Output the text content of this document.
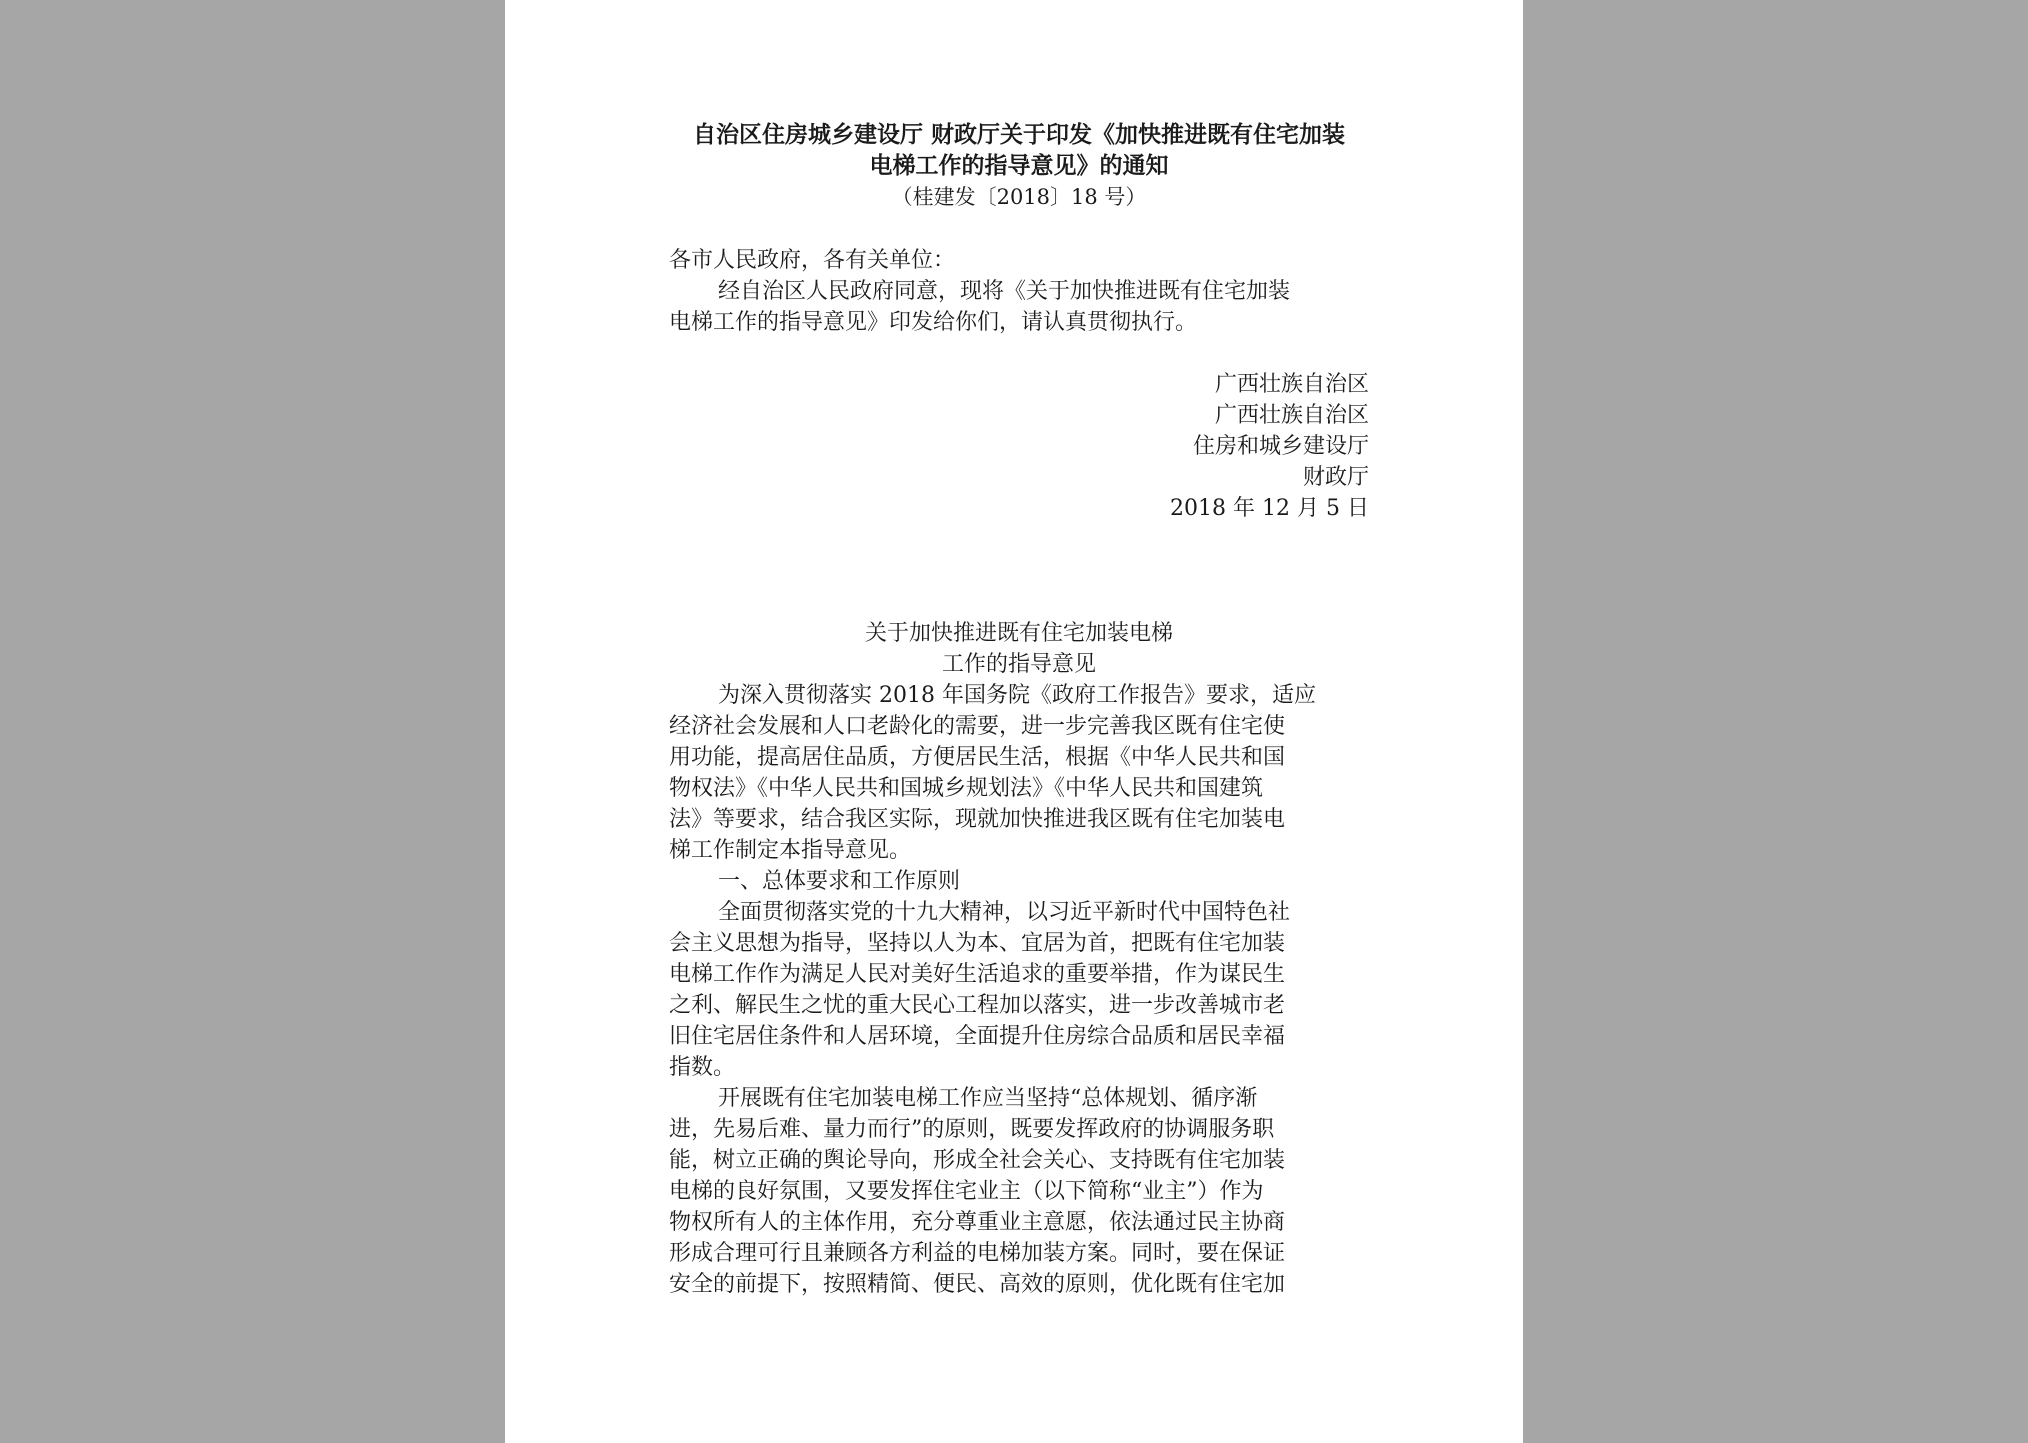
自治区住房城乡建设厅 财政厅关于印发《加快推进既有住宅加装

电梯工作的指导意见》的通知

（桂建发〔2018〕18 号）

各市人民政府，各有关单位：

经自治区人民政府同意，现将《关于加快推进既有住宅加装

电梯工作的指导意见》印发给你们，请认真贯彻执行。

广西壮族自治区

广西壮族自治区

住房和城乡建设厅

财政厅

2018 年 12 月 5 日

关于加快推进既有住宅加装电梯

工作的指导意见

为深入贯彻落实 2018 年国务院《政府工作报告》要求，适应

经济社会发展和人口老龄化的需要，进一步完善我区既有住宅使

用功能，提高居住品质，方便居民生活，根据《中华人民共和国

物权法》《中华人民共和国城乡规划法》《中华人民共和国建筑

法》等要求，结合我区实际，现就加快推进我区既有住宅加装电

梯工作制定本指导意见。

一、总体要求和工作原则

全面贯彻落实党的十九大精神，以习近平新时代中国特色社

会主义思想为指导，坚持以人为本、宜居为首，把既有住宅加装

电梯工作作为满足人民对美好生活追求的重要举措，作为谋民生

之利、解民生之忧的重大民心工程加以落实，进一步改善城市老

旧住宅居住条件和人居环境，全面提升住房综合品质和居民幸福

指数。

开展既有住宅加装电梯工作应当坚持“总体规划、循序渐

进，先易后难、量力而行”的原则，既要发挥政府的协调服务职

能，树立正确的舆论导向，形成全社会关心、支持既有住宅加装

电梯的良好氛围，又要发挥住宅业主（以下简称“业主”）作为

物权所有人的主体作用，充分尊重业主意愿，依法通过民主协商

形成合理可行且兼顾各方利益的电梯加装方案。同时，要在保证

安全的前提下，按照精简、便民、高效的原则，优化既有住宅加
